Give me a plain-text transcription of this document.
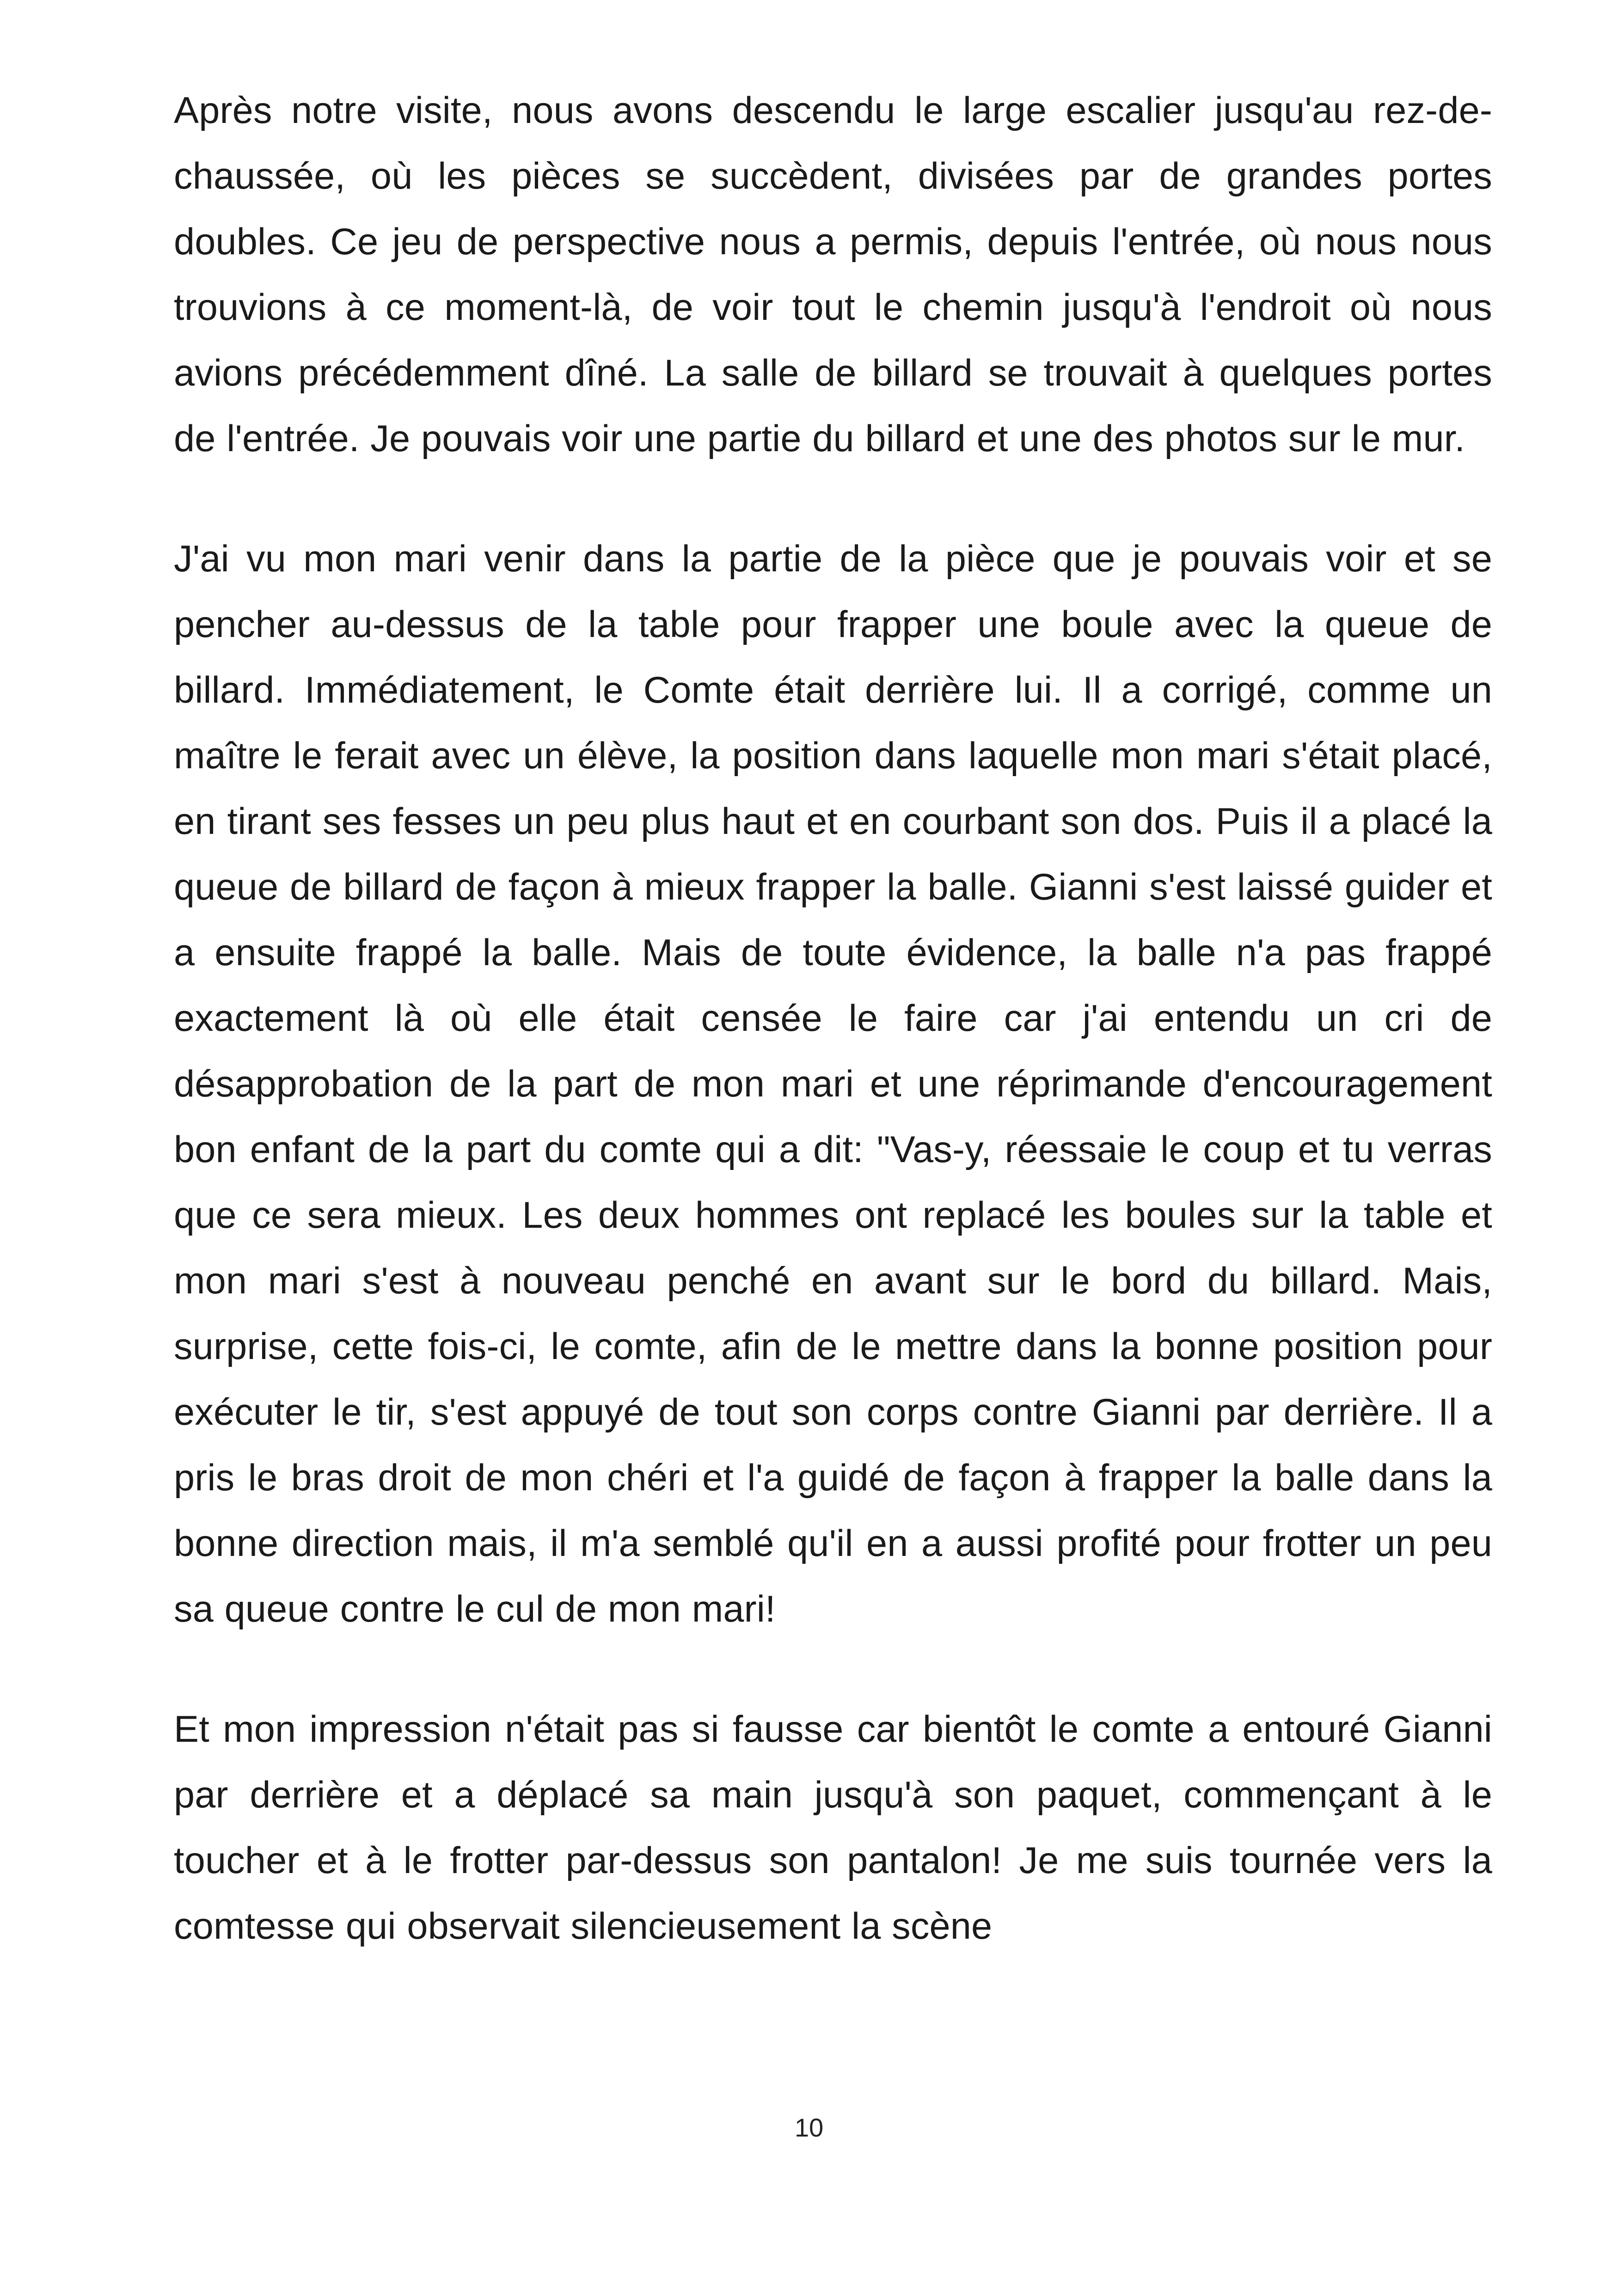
Après notre visite, nous avons descendu le large escalier jusqu'au rez-de-chaussée, où les pièces se succèdent, divisées par de grandes portes doubles. Ce jeu de perspective nous a permis, depuis l'entrée, où nous nous trouvions à ce moment-là, de voir tout le chemin jusqu'à l'endroit où nous avions précédemment dîné. La salle de billard se trouvait à quelques portes de l'entrée. Je pouvais voir une partie du billard et une des photos sur le mur.

J'ai vu mon mari venir dans la partie de la pièce que je pouvais voir et se pencher au-dessus de la table pour frapper une boule avec la queue de billard. Immédiatement, le Comte était derrière lui. Il a corrigé, comme un maître le ferait avec un élève, la position dans laquelle mon mari s'était placé, en tirant ses fesses un peu plus haut et en courbant son dos. Puis il a placé la queue de billard de façon à mieux frapper la balle. Gianni s'est laissé guider et a ensuite frappé la balle. Mais de toute évidence, la balle n'a pas frappé exactement là où elle était censée le faire car j'ai entendu un cri de désapprobation de la part de mon mari et une réprimande d'encouragement bon enfant de la part du comte qui a dit: "Vas-y, réessaie le coup et tu verras que ce sera mieux. Les deux hommes ont replacé les boules sur la table et mon mari s'est à nouveau penché en avant sur le bord du billard. Mais, surprise, cette fois-ci, le comte, afin de le mettre dans la bonne position pour exécuter le tir, s'est appuyé de tout son corps contre Gianni par derrière. Il a pris le bras droit de mon chéri et l'a guidé de façon à frapper la balle dans la bonne direction mais, il m'a semblé qu'il en a aussi profité pour frotter un peu sa queue contre le cul de mon mari!

Et mon impression n'était pas si fausse car bientôt le comte a entouré Gianni par derrière et a déplacé sa main jusqu'à son paquet, commençant à le toucher et à le frotter par-dessus son pantalon! Je me suis tournée vers la comtesse qui observait silencieusement la scène

10
